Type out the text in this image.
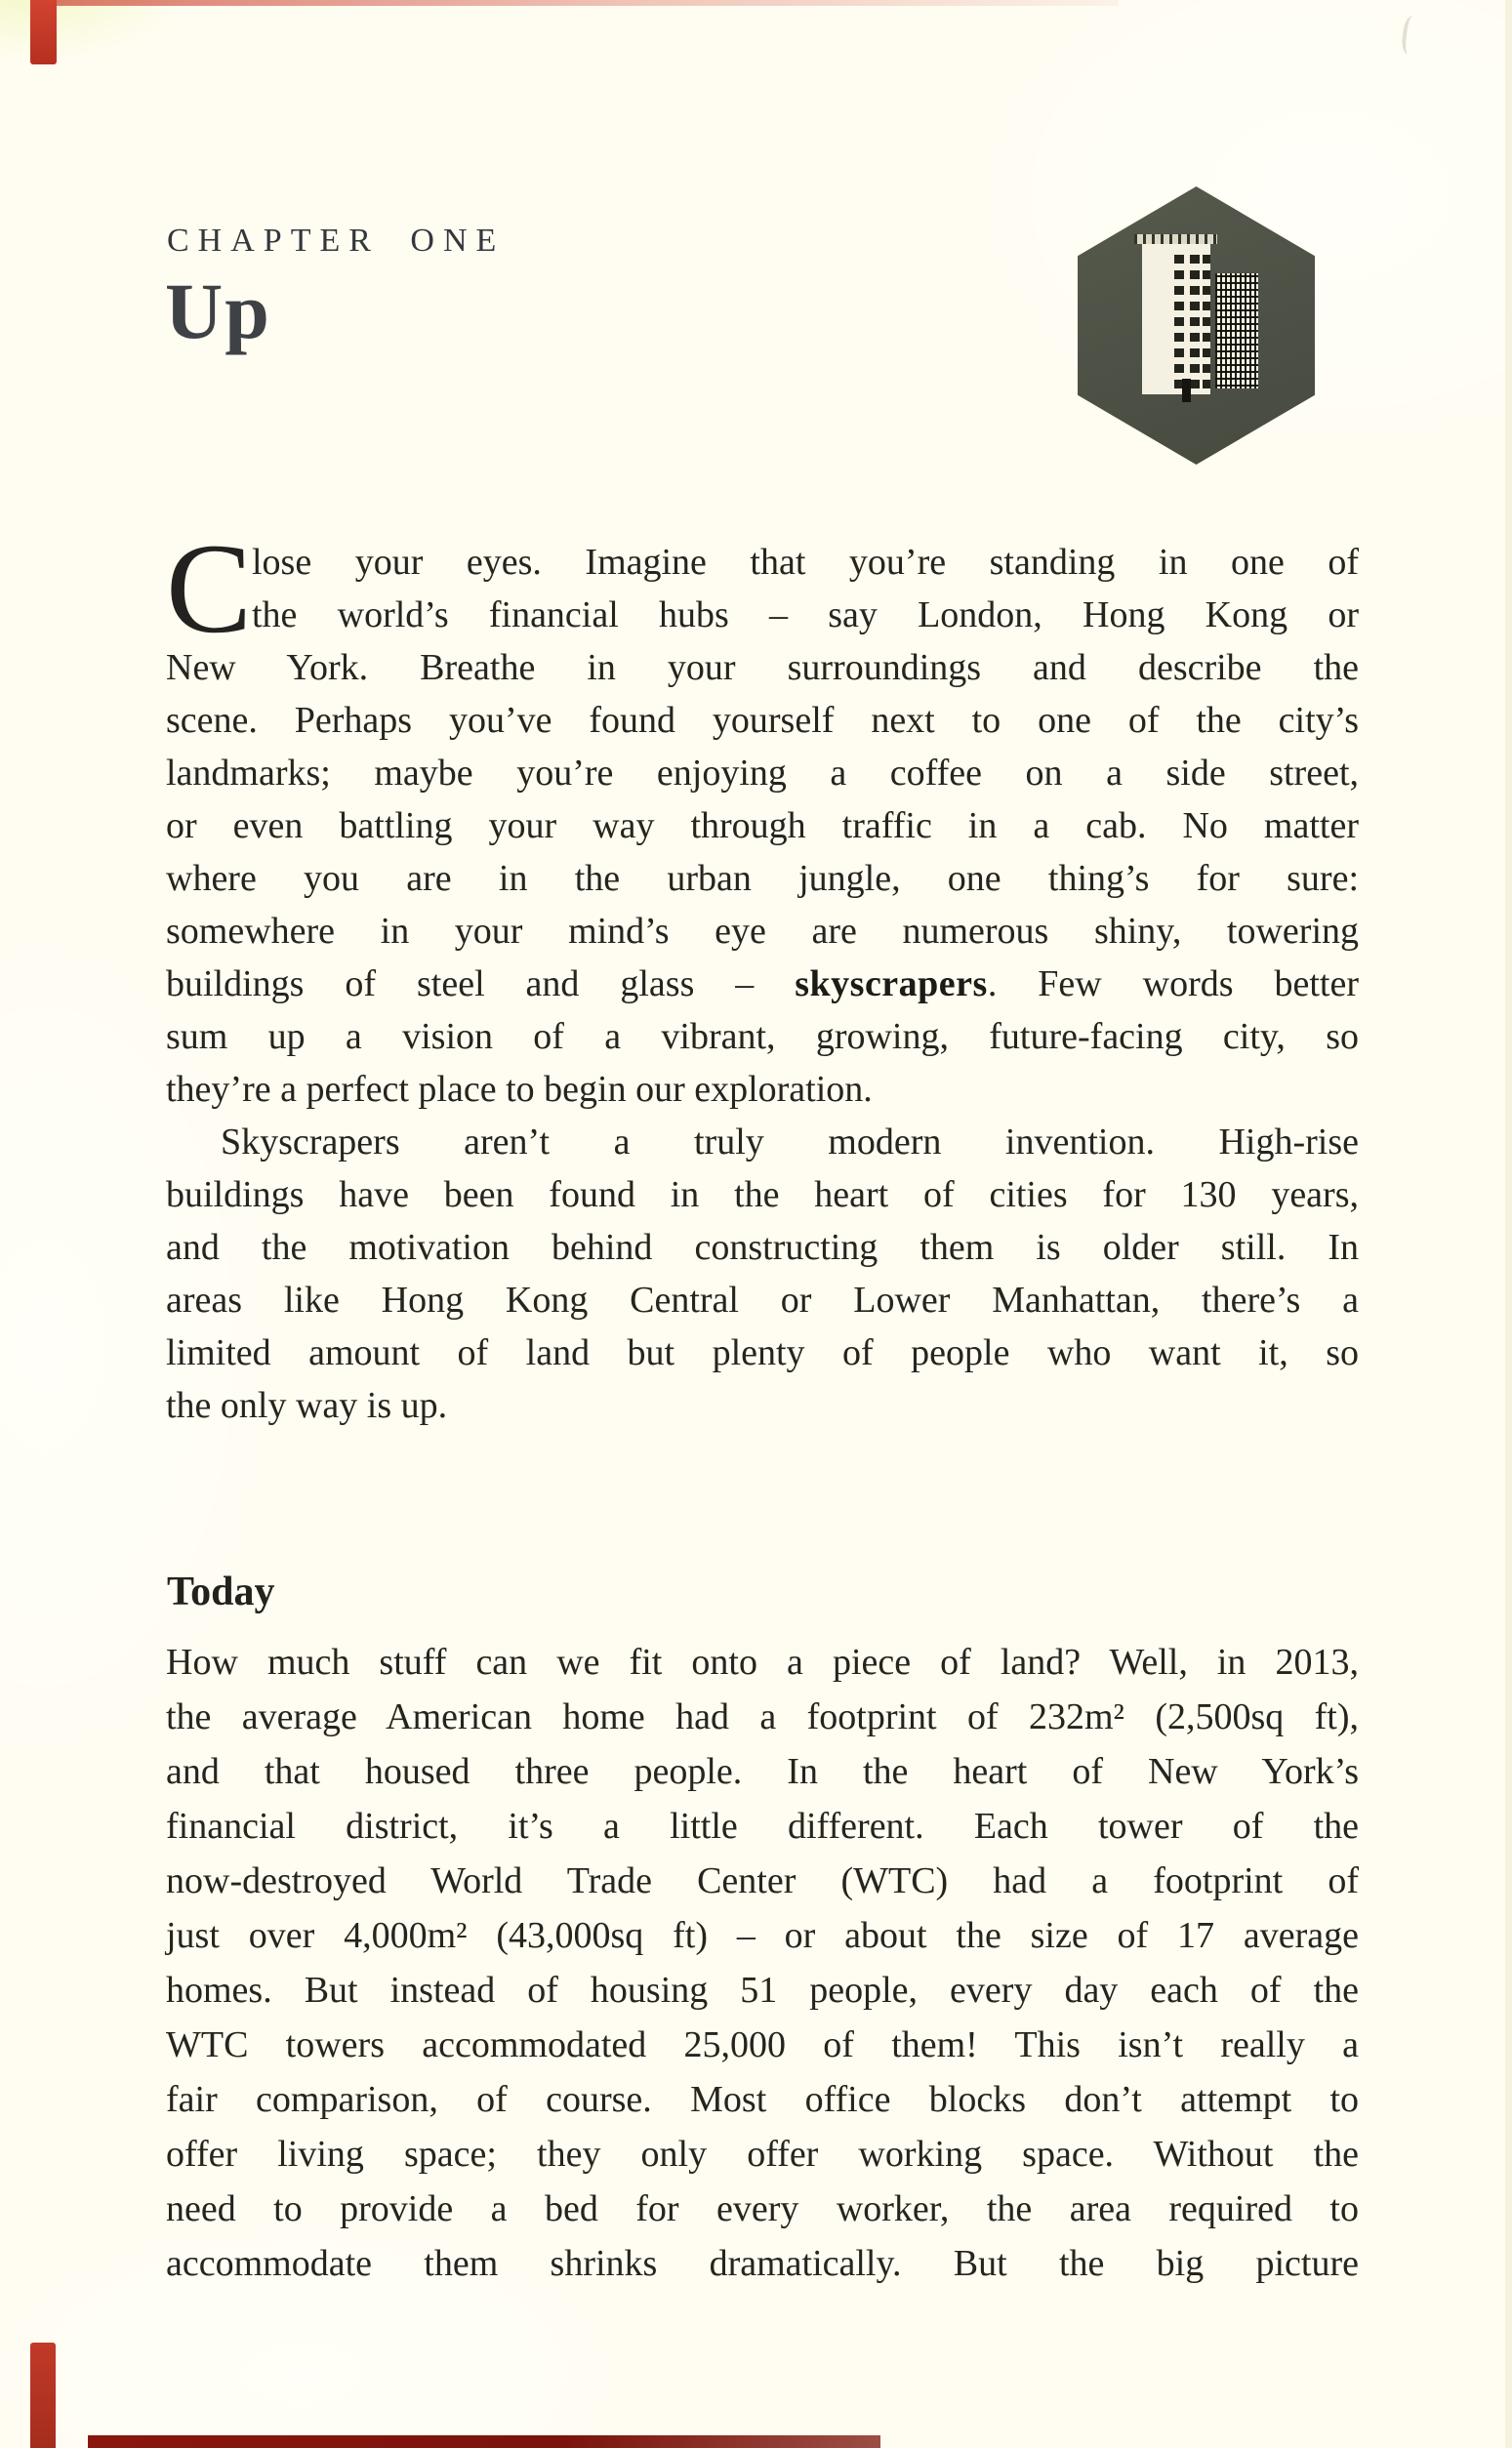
CHAPTER ONE
Up
C lose your eyes. Imagine that you’re standing in one of
the world’s financial hubs – say London, Hong Kong or
New York. Breathe in your surroundings and describe the
scene. Perhaps you’ve found yourself next to one of the city’s
landmarks; maybe you’re enjoying a coffee on a side street,
or even battling your way through traffic in a cab. No matter
where you are in the urban jungle, one thing’s for sure:
somewhere in your mind’s eye are numerous shiny, towering
buildings of steel and glass – skyscrapers. Few words better
sum up a vision of a vibrant, growing, future-facing city, so
they’re a perfect place to begin our exploration.
Skyscrapers aren’t a truly modern invention. High-rise
buildings have been found in the heart of cities for 130 years,
and the motivation behind constructing them is older still. In
areas like Hong Kong Central or Lower Manhattan, there’s a
limited amount of land but plenty of people who want it, so
the only way is up.
Today
How much stuff can we fit onto a piece of land? Well, in 2013,
the average American home had a footprint of 232m² (2,500sq ft),
and that housed three people. In the heart of New York’s
financial district, it’s a little different. Each tower of the
now-destroyed World Trade Center (WTC) had a footprint of
just over 4,000m² (43,000sq ft) – or about the size of 17 average
homes. But instead of housing 51 people, every day each of the
WTC towers accommodated 25,000 of them! This isn’t really a
fair comparison, of course. Most office blocks don’t attempt to
offer living space; they only offer working space. Without the
need to provide a bed for every worker, the area required to
accommodate them shrinks dramatically. But the big picture
